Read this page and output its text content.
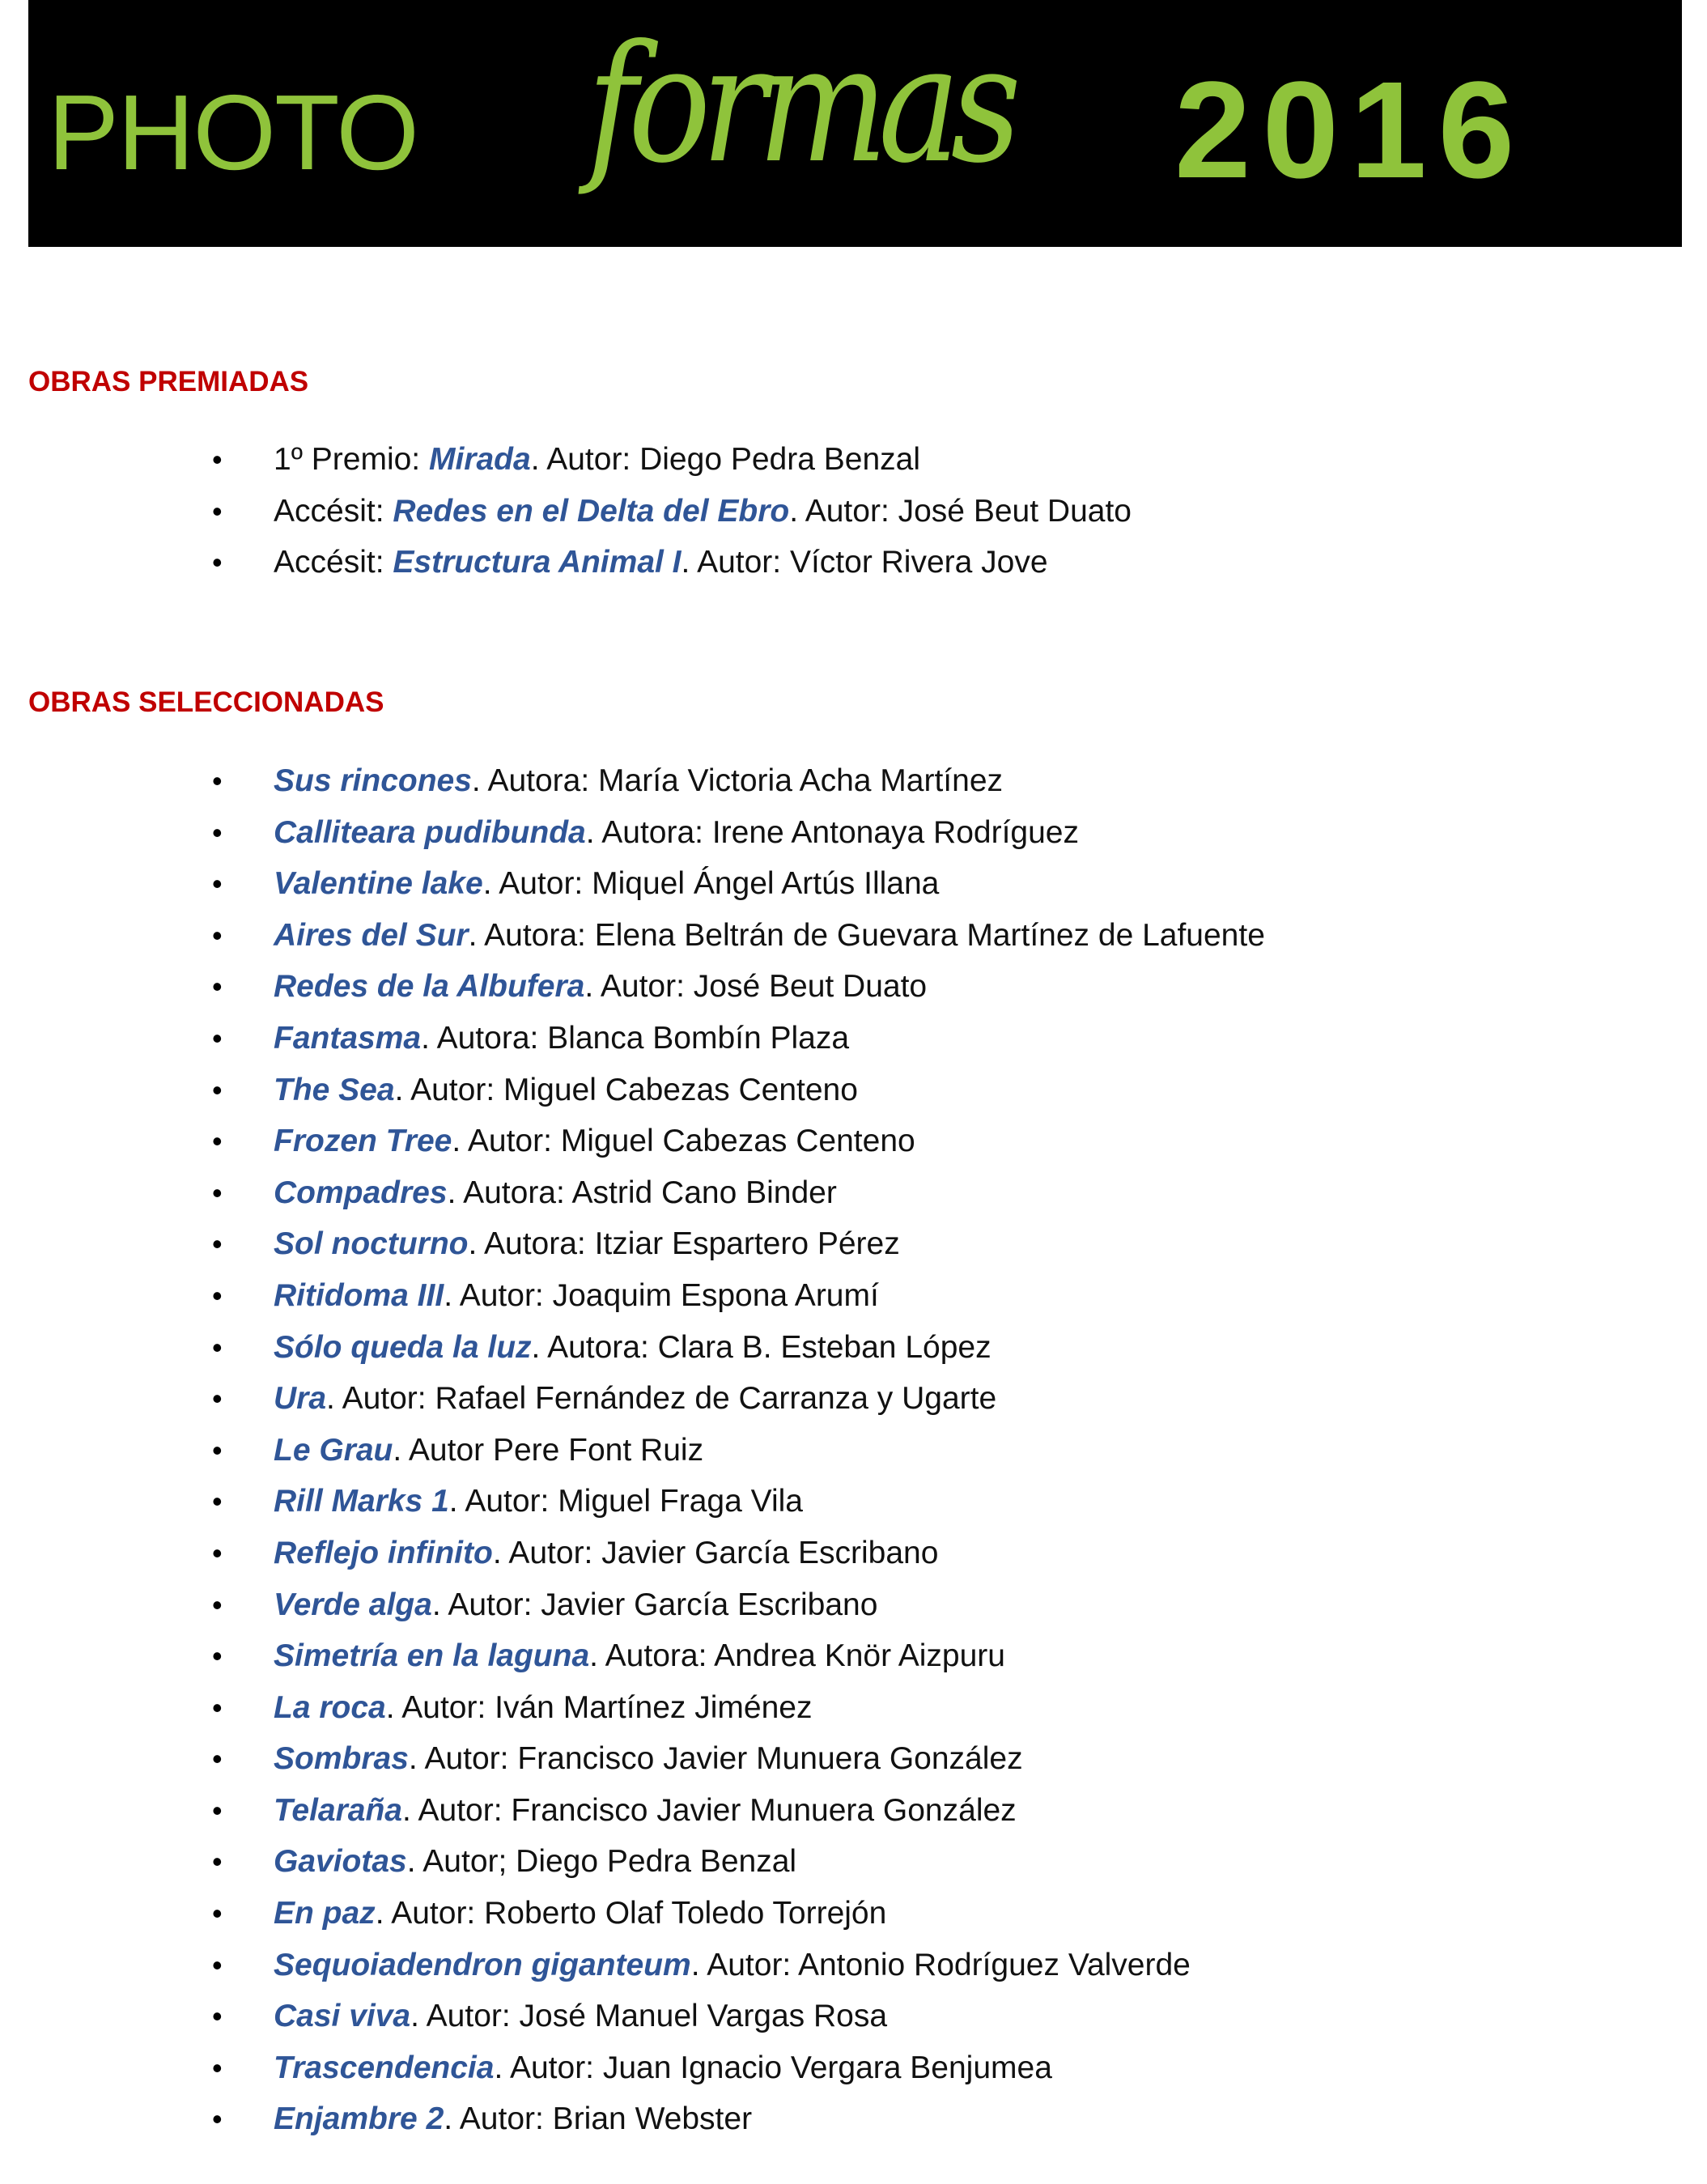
PHOTO formas 2016
OBRAS PREMIADAS
• 1º Premio: Mirada. Autor: Diego Pedra Benzal
• Accésit: Redes en el Delta del Ebro. Autor: José Beut Duato
• Accésit: Estructura Animal I. Autor: Víctor Rivera Jove
OBRAS SELECCIONADAS
• Sus rincones. Autora: María Victoria Acha Martínez
• Calliteara pudibunda. Autora: Irene Antonaya Rodríguez
• Valentine lake. Autor: Miquel Ángel Artús Illana
• Aires del Sur. Autora: Elena Beltrán de Guevara Martínez de Lafuente
• Redes de la Albufera. Autor: José Beut Duato
• Fantasma. Autora: Blanca Bombín Plaza
• The Sea. Autor: Miguel Cabezas Centeno
• Frozen Tree. Autor: Miguel Cabezas Centeno
• Compadres. Autora: Astrid Cano Binder
• Sol nocturno. Autora: Itziar Espartero Pérez
• Ritidoma III. Autor: Joaquim Espona Arumí
• Sólo queda la luz. Autora: Clara B. Esteban López
• Ura. Autor: Rafael Fernández de Carranza y Ugarte
• Le Grau. Autor Pere Font Ruiz
• Rill Marks 1. Autor: Miguel Fraga Vila
• Reflejo infinito. Autor: Javier García Escribano
• Verde alga. Autor: Javier García Escribano
• Simetría en la laguna. Autora: Andrea Knör Aizpuru
• La roca. Autor: Iván Martínez Jiménez
• Sombras. Autor: Francisco Javier Munuera González
• Telaraña. Autor: Francisco Javier Munuera González
• Gaviotas. Autor; Diego Pedra Benzal
• En paz. Autor: Roberto Olaf Toledo Torrejón
• Sequoiadendron giganteum. Autor: Antonio Rodríguez Valverde
• Casi viva. Autor: José Manuel Vargas Rosa
• Trascendencia. Autor: Juan Ignacio Vergara Benjumea
• Enjambre 2. Autor: Brian Webster
